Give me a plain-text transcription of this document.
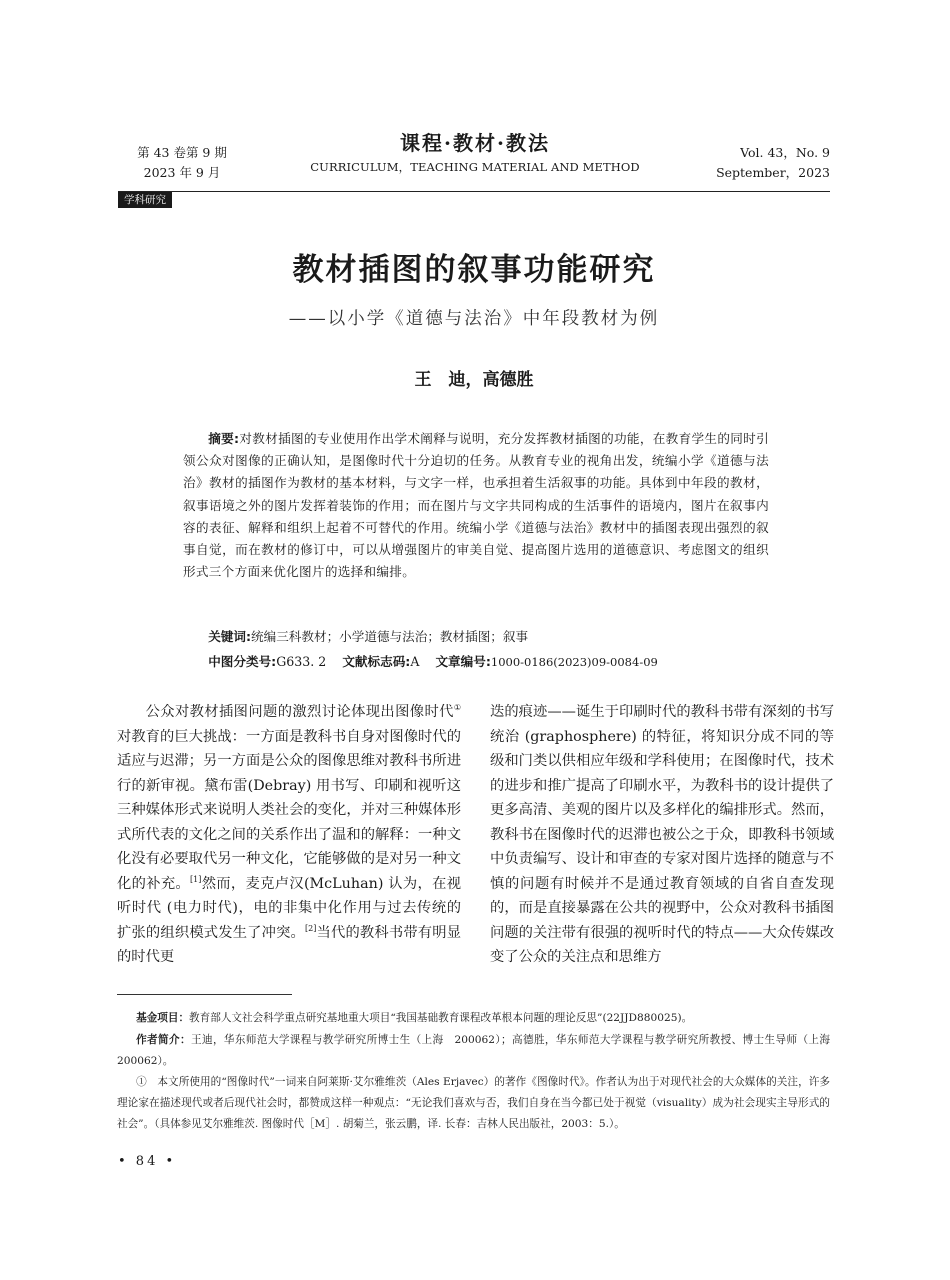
第 43 卷第 9 期
2023 年 9 月
课程·教材·教法
CURRICULUM，TEACHING MATERIAL AND METHOD
Vol. 43，No. 9
September，2023
学科研究
教材插图的叙事功能研究
——以小学《道德与法治》中年段教材为例
王　迪，高德胜

摘要:对教材插图的专业使用作出学术阐释与说明，充分发挥教材插图的功能，在教育学生的同时引领公众对图像的正确认知，是图像时代十分迫切的任务。从教育专业的视角出发，统编小学《道德与法治》教材的插图作为教材的基本材料，与文字一样，也承担着生活叙事的功能。具体到中年段的教材，叙事语境之外的图片发挥着装饰的作用；而在图片与文字共同构成的生活事件的语境内，图片在叙事内容的表征、解释和组织上起着不可替代的作用。统编小学《道德与法治》教材中的插图表现出强烈的叙事自觉，而在教材的修订中，可以从增强图片的审美自觉、提高图片选用的道德意识、考虑图文的组织形式三个方面来优化图片的选择和编排。

关键词:统编三科教材；小学道德与法治；教材插图；叙事
中图分类号:G633. 2 文献标志码:A 文章编号:1000-0186(2023)09-0084-09

公众对教材插图问题的激烈讨论体现出图像时代①对教育的巨大挑战：一方面是教科书自身对图像时代的适应与迟滞；另一方面是公众的图像思维对教科书所进行的新审视。黛布雷(Debray) 用书写、印刷和视听这三种媒体形式来说明人类社会的变化，并对三种媒体形式所代表的文化之间的关系作出了温和的解释：一种文化没有必要取代另一种文化，它能够做的是对另一种文化的补充。[1]然而，麦克卢汉(McLuhan) 认为，在视听时代 (电力时代)，电的非集中化作用与过去传统的扩张的组织模式发生了冲突。[2]当代的教科书带有明显的时代更

迭的痕迹——诞生于印刷时代的教科书带有深刻的书写统治 (graphosphere) 的特征，将知识分成不同的等级和门类以供相应年级和学科使用；在图像时代，技术的进步和推广提高了印刷水平，为教科书的设计提供了更多高清、美观的图片以及多样化的编排形式。然而，教科书在图像时代的迟滞也被公之于众，即教科书领域中负责编写、设计和审查的专家对图片选择的随意与不慎的问题有时候并不是通过教育领域的自省自查发现的，而是直接暴露在公共的视野中，公众对教科书插图问题的关注带有很强的视听时代的特点——大众传媒改变了公众的关注点和思维方

基金项目：教育部人文社会科学重点研究基地重大项目“我国基础教育课程改革根本问题的理论反思”(22JJD880025)。
作者简介：王迪，华东师范大学课程与教学研究所博士生（上海　200062）；高德胜，华东师范大学课程与教学研究所教授、博士生导师（上海　200062）。
①　本文所使用的“图像时代”一词来自阿莱斯·艾尔雅维茨（Ales Erjavec）的著作《图像时代》。作者认为出于对现代社会的大众媒体的关注，许多理论家在描述现代或者后现代社会时，都赞成这样一种观点：“无论我们喜欢与否，我们自身在当今都已处于视觉（visuality）成为社会现实主导形式的社会”。（具体参见艾尔雅维茨. 图像时代［M］. 胡菊兰，张云鹏，译. 长春：吉林人民出版社，2003：5.）。
• 84 •
